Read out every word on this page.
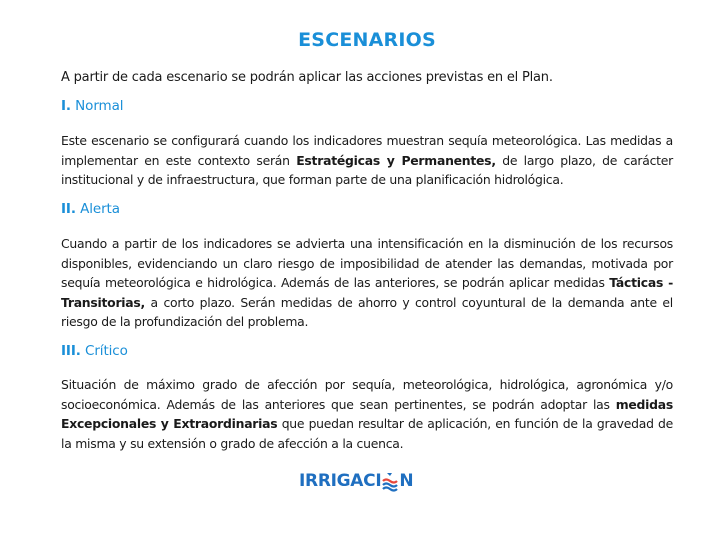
ESCENARIOS
A partir de cada escenario se podrán aplicar las acciones previstas en el Plan.
I. Normal
Este escenario se configurará cuando los indicadores muestran sequía meteorológica. Las medidas a implementar en este contexto serán Estratégicas y Permanentes, de largo plazo, de carácter institucional y de infraestructura, que forman parte de una planificación hidrológica.
II. Alerta
Cuando a partir de los indicadores se advierta una intensificación en la disminución de los recursos disponibles, evidenciando un claro riesgo de imposibilidad de atender las demandas, motivada por sequía meteorológica e hidrológica. Además de las anteriores, se podrán aplicar medidas Tácticas - Transitorias, a corto plazo. Serán medidas de ahorro y control coyuntural de la demanda ante el riesgo de la profundización del problema.
III. Crítico
Situación de máximo grado de afección por sequía, meteorológica, hidrológica, agronómica y/o socioeconómica. Además de las anteriores que sean pertinentes, se podrán adoptar las medidas Excepcionales y Extraordinarias que puedan resultar de aplicación, en función de la gravedad de la misma y su extensión o grado de afección a la cuenca.
IRRIGACI N
